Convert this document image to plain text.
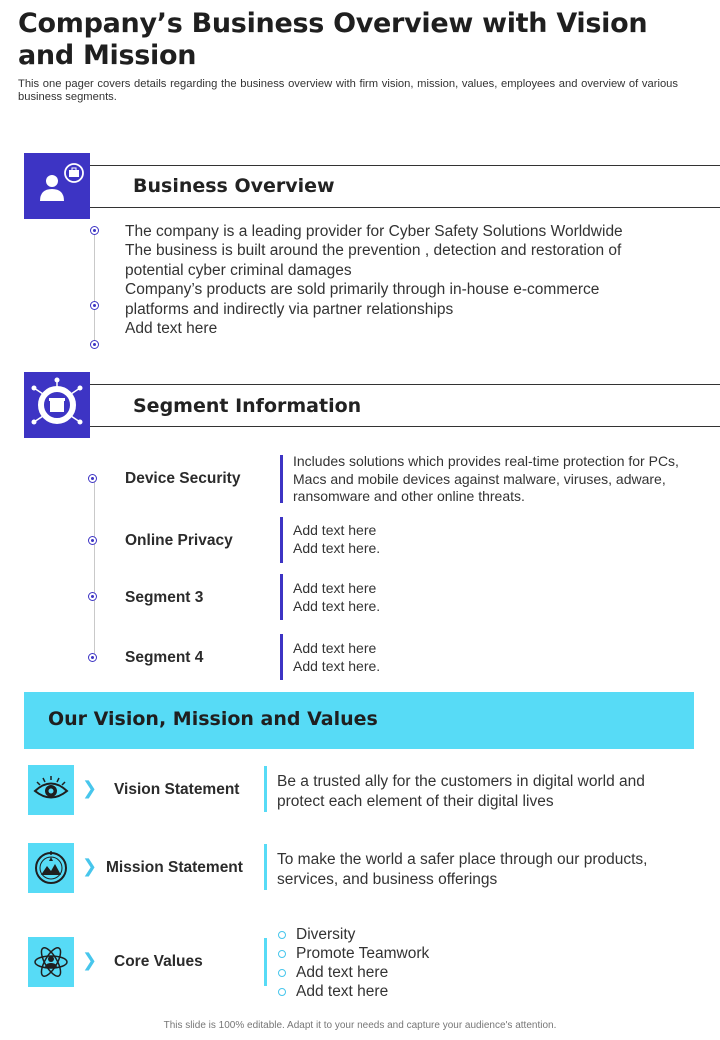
Company’s Business Overview with Vision and Mission
This one pager covers details regarding the business overview with firm vision, mission, values, employees and overview of various business segments.
Business Overview
The company is a leading provider for Cyber Safety Solutions Worldwide
The business is built around the prevention , detection and restoration of
potential cyber criminal damages
Company’s products are sold primarily through in-house e-commerce
platforms and indirectly via partner relationships
Add text here
Segment Information
Device Security
Includes solutions which provides real-time protection for PCs,
Macs and mobile devices against malware, viruses, adware,
ransomware and other online threats.
Online Privacy
Add text here
Add text here.
Segment 3
Add text here
Add text here.
Segment 4
Add text here
Add text here.
Our Vision, Mission and Values
❯ Vision Statement Be a trusted ally for the customers in digital world and
protect each element of their digital lives
❯ Mission Statement To make the world a safer place through our products,
services, and business offerings
❯ Core Values
Diversity
Promote Teamwork
Add text here
Add text here
This slide is 100% editable. Adapt it to your needs and capture your audience's attention.
